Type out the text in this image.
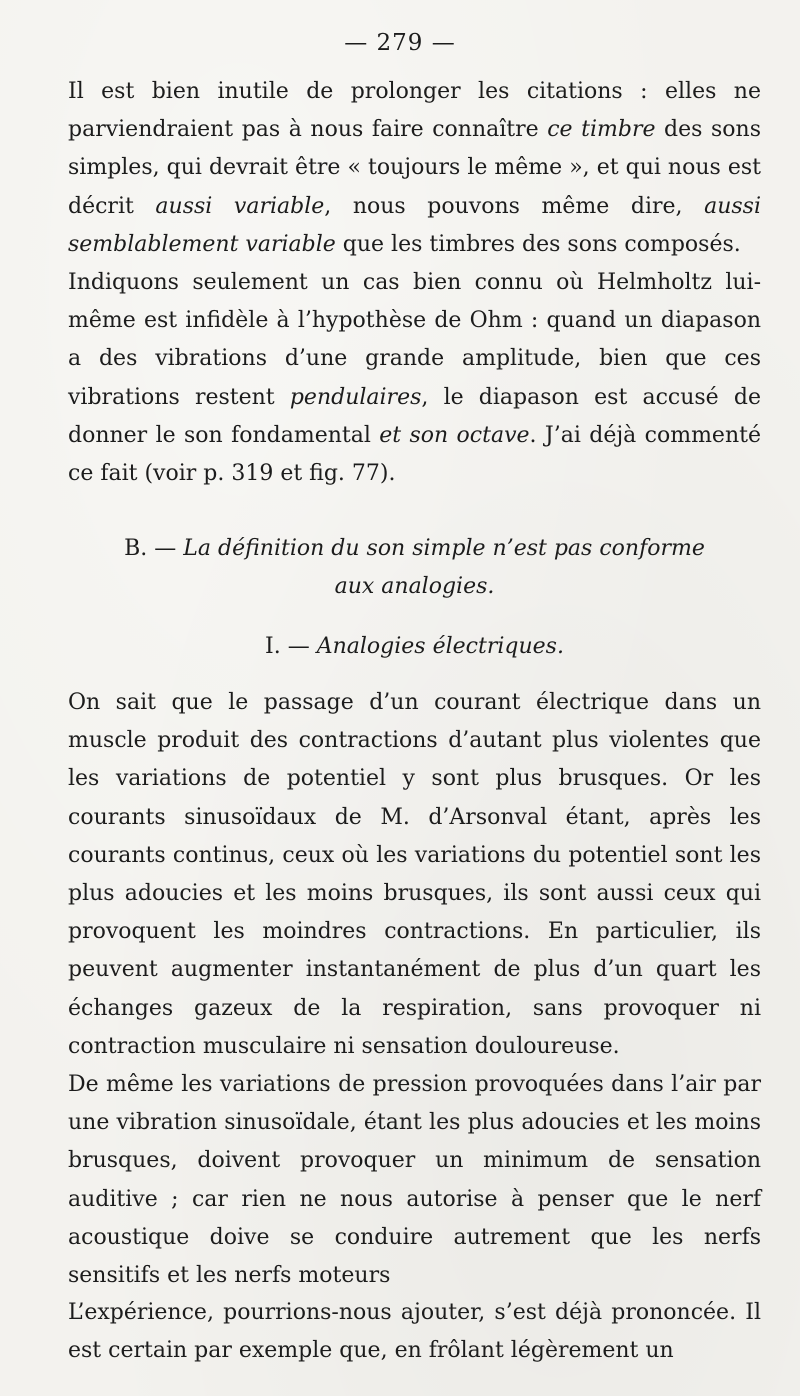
— 279 —

Il est bien inutile de prolonger les citations : elles ne parviendraient pas à nous faire connaître ce timbre des sons simples, qui devrait être « toujours le même », et qui nous est décrit aussi variable, nous pouvons même dire, aussi semblablement variable que les timbres des sons composés.

Indiquons seulement un cas bien connu où Helmholtz lui-même est infidèle à l’hypothèse de Ohm : quand un diapason a des vibrations d’une grande amplitude, bien que ces vibrations restent pendulaires, le diapason est accusé de donner le son fondamental et son octave. J’ai déjà commenté ce fait (voir p. 319 et fig. 77).

B. — La définition du son simple n’est pas conforme
aux analogies.
I. — Analogies électriques.

On sait que le passage d’un courant électrique dans un muscle produit des contractions d’autant plus violentes que les variations de potentiel y sont plus brusques. Or les courants sinusoïdaux de M. d’Arsonval étant, après les courants continus, ceux où les variations du potentiel sont les plus adoucies et les moins brusques, ils sont aussi ceux qui provoquent les moindres contractions. En particulier, ils peuvent augmenter instantanément de plus d’un quart les échanges gazeux de la respiration, sans provoquer ni contraction musculaire ni sensation douloureuse.

De même les variations de pression provoquées dans l’air par une vibration sinusoïdale, étant les plus adoucies et les moins brusques, doivent provoquer un minimum de sensation auditive ; car rien ne nous autorise à penser que le nerf acoustique doive se conduire autrement que les nerfs sensitifs et les nerfs moteurs

L’expérience, pourrions-nous ajouter, s’est déjà prononcée. Il est certain par exemple que, en frôlant légèrement un
